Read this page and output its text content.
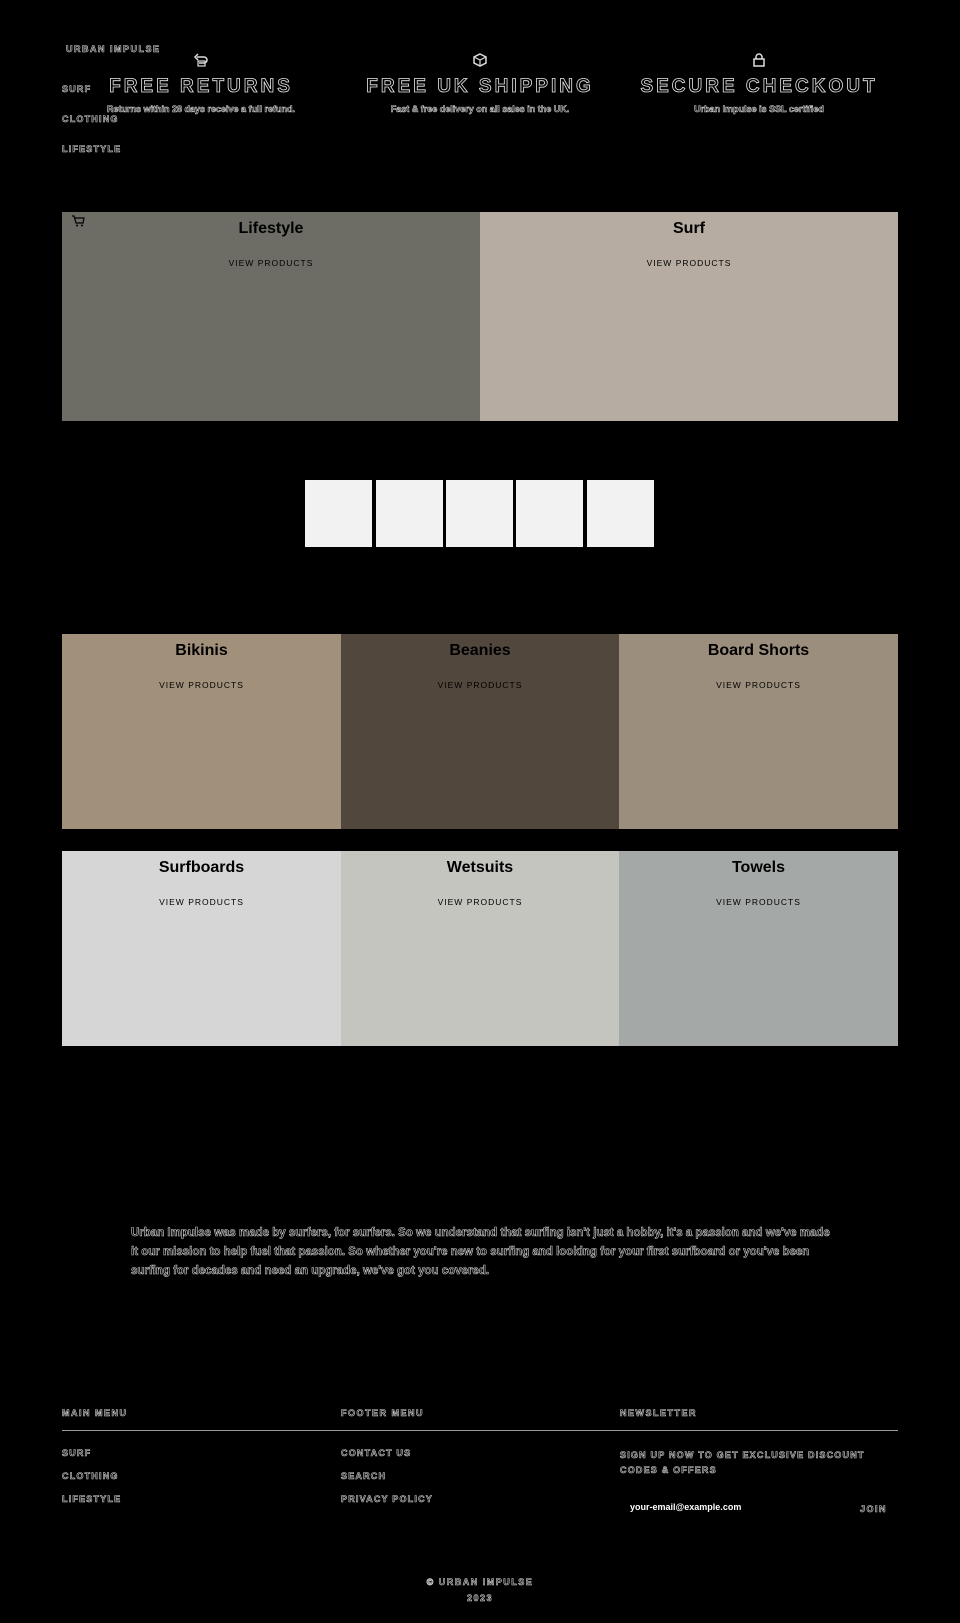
URBAN IMPULSE
SURF
CLOTHING
LIFESTYLE
FREE RETURNS
Returns within 28 days receive a full refund.
FREE UK SHIPPING
Fast & free delivery on all sales in the UK.
SECURE CHECKOUT
Urban Impulse is SSL certified
Lifestyle
VIEW PRODUCTS
Surf
VIEW PRODUCTS
Bikinis
VIEW PRODUCTS
Beanies
VIEW PRODUCTS
Board Shorts
VIEW PRODUCTS
Surfboards
VIEW PRODUCTS
Wetsuits
VIEW PRODUCTS
Towels
VIEW PRODUCTS
Urban Impulse was made by surfers, for surfers. So we understand that surfing isn't just a hobby, it's a passion and we've made it our mission to help fuel that passion. So whether you're new to surfing and looking for your first surfboard or you've been surfing for decades and need an upgrade, we've got you covered.
MAIN MENU	FOOTER MENU	NEWSLETTER
SURF
CLOTHING
LIFESTYLE
CONTACT US
SEARCH
PRIVACY POLICY
SIGN UP NOW TO GET EXCLUSIVE DISCOUNT CODES & OFFERS
your-email@example.com
JOIN
© URBAN IMPULSE
2023
